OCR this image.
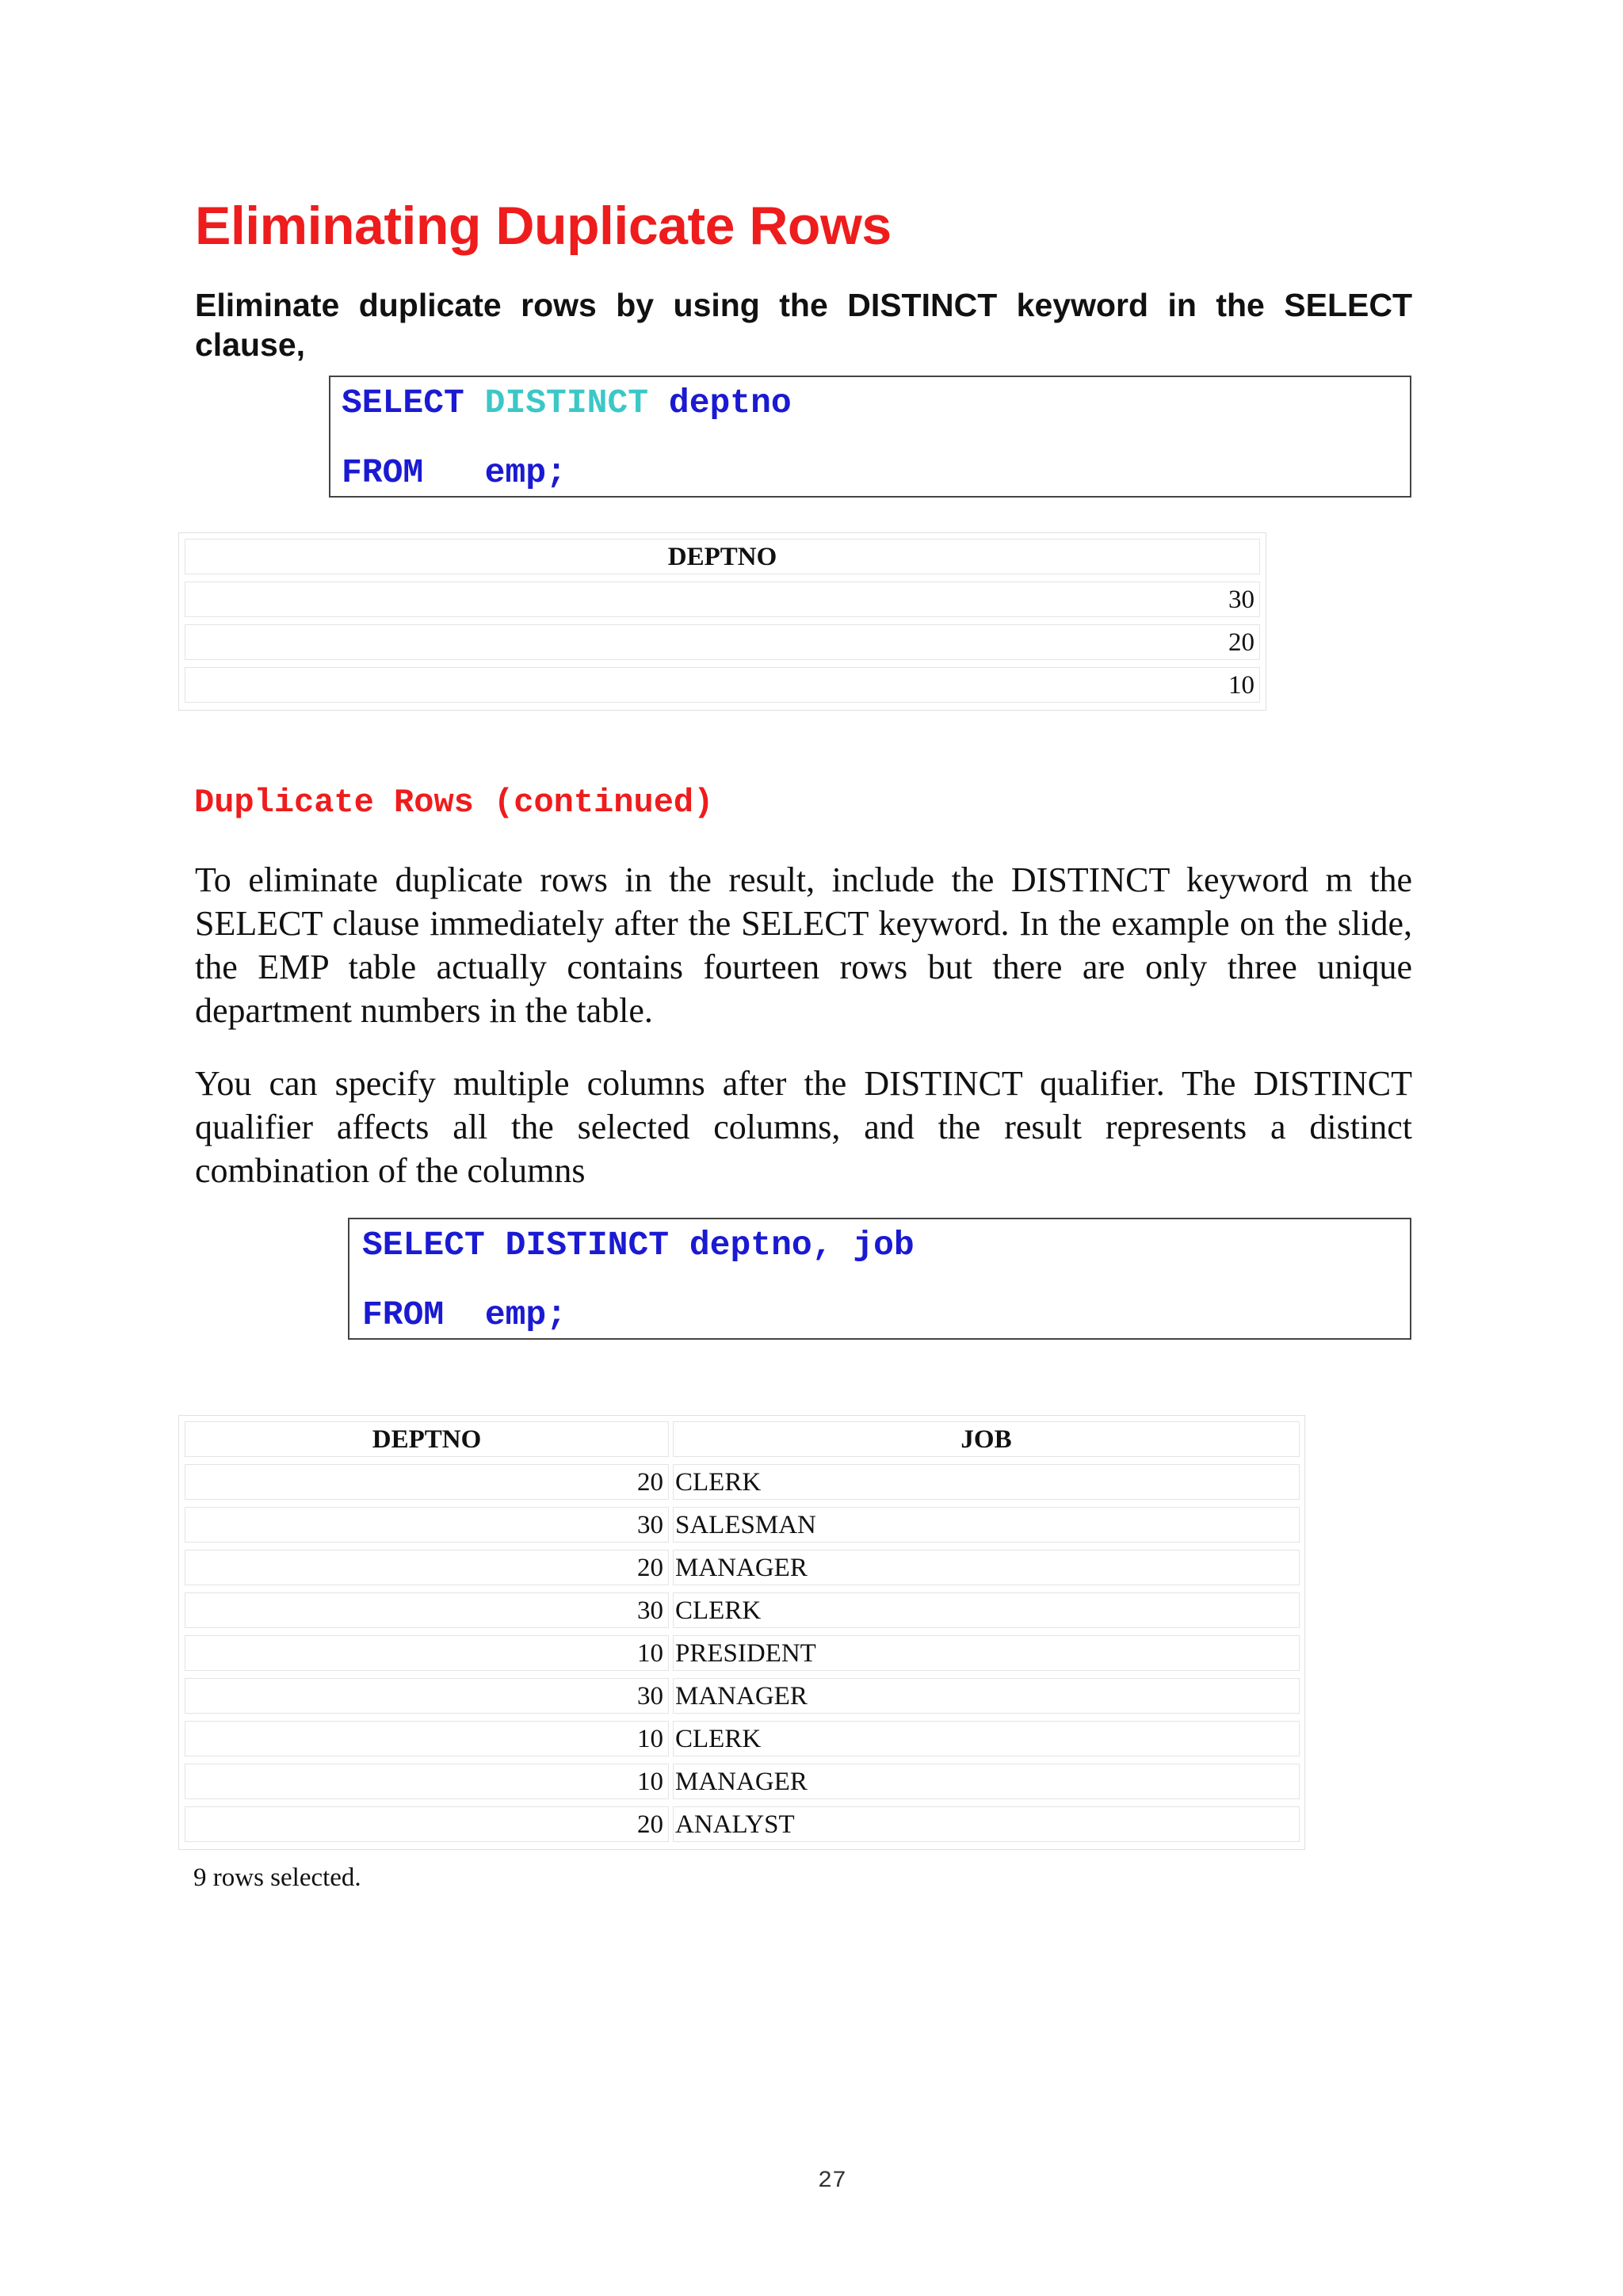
Eliminating Duplicate Rows
Eliminate duplicate rows by using the DISTINCT keyword in the SELECT clause,
SELECT DISTINCT deptno
FROM emp;
DEPTNO
30
20
10
Duplicate Rows (continued)

To eliminate duplicate rows in the result, include the DISTINCT keyword m the SELECT clause immediately after the SELECT keyword. In the example on the slide, the EMP table actually contains fourteen rows but there are only three unique department numbers in the table.

You can specify multiple columns after the DISTINCT qualifier. The DISTINCT qualifier affects all the selected columns, and the result represents a distinct combination of the columns

SELECT DISTINCT deptno, job
FROM emp;
DEPTNO	JOB
20 CLERK
30 SALESMAN
20 MANAGER
30 CLERK
10 PRESIDENT
30 MANAGER
10 CLERK
10 MANAGER
20 ANALYST
9 rows selected.
27
